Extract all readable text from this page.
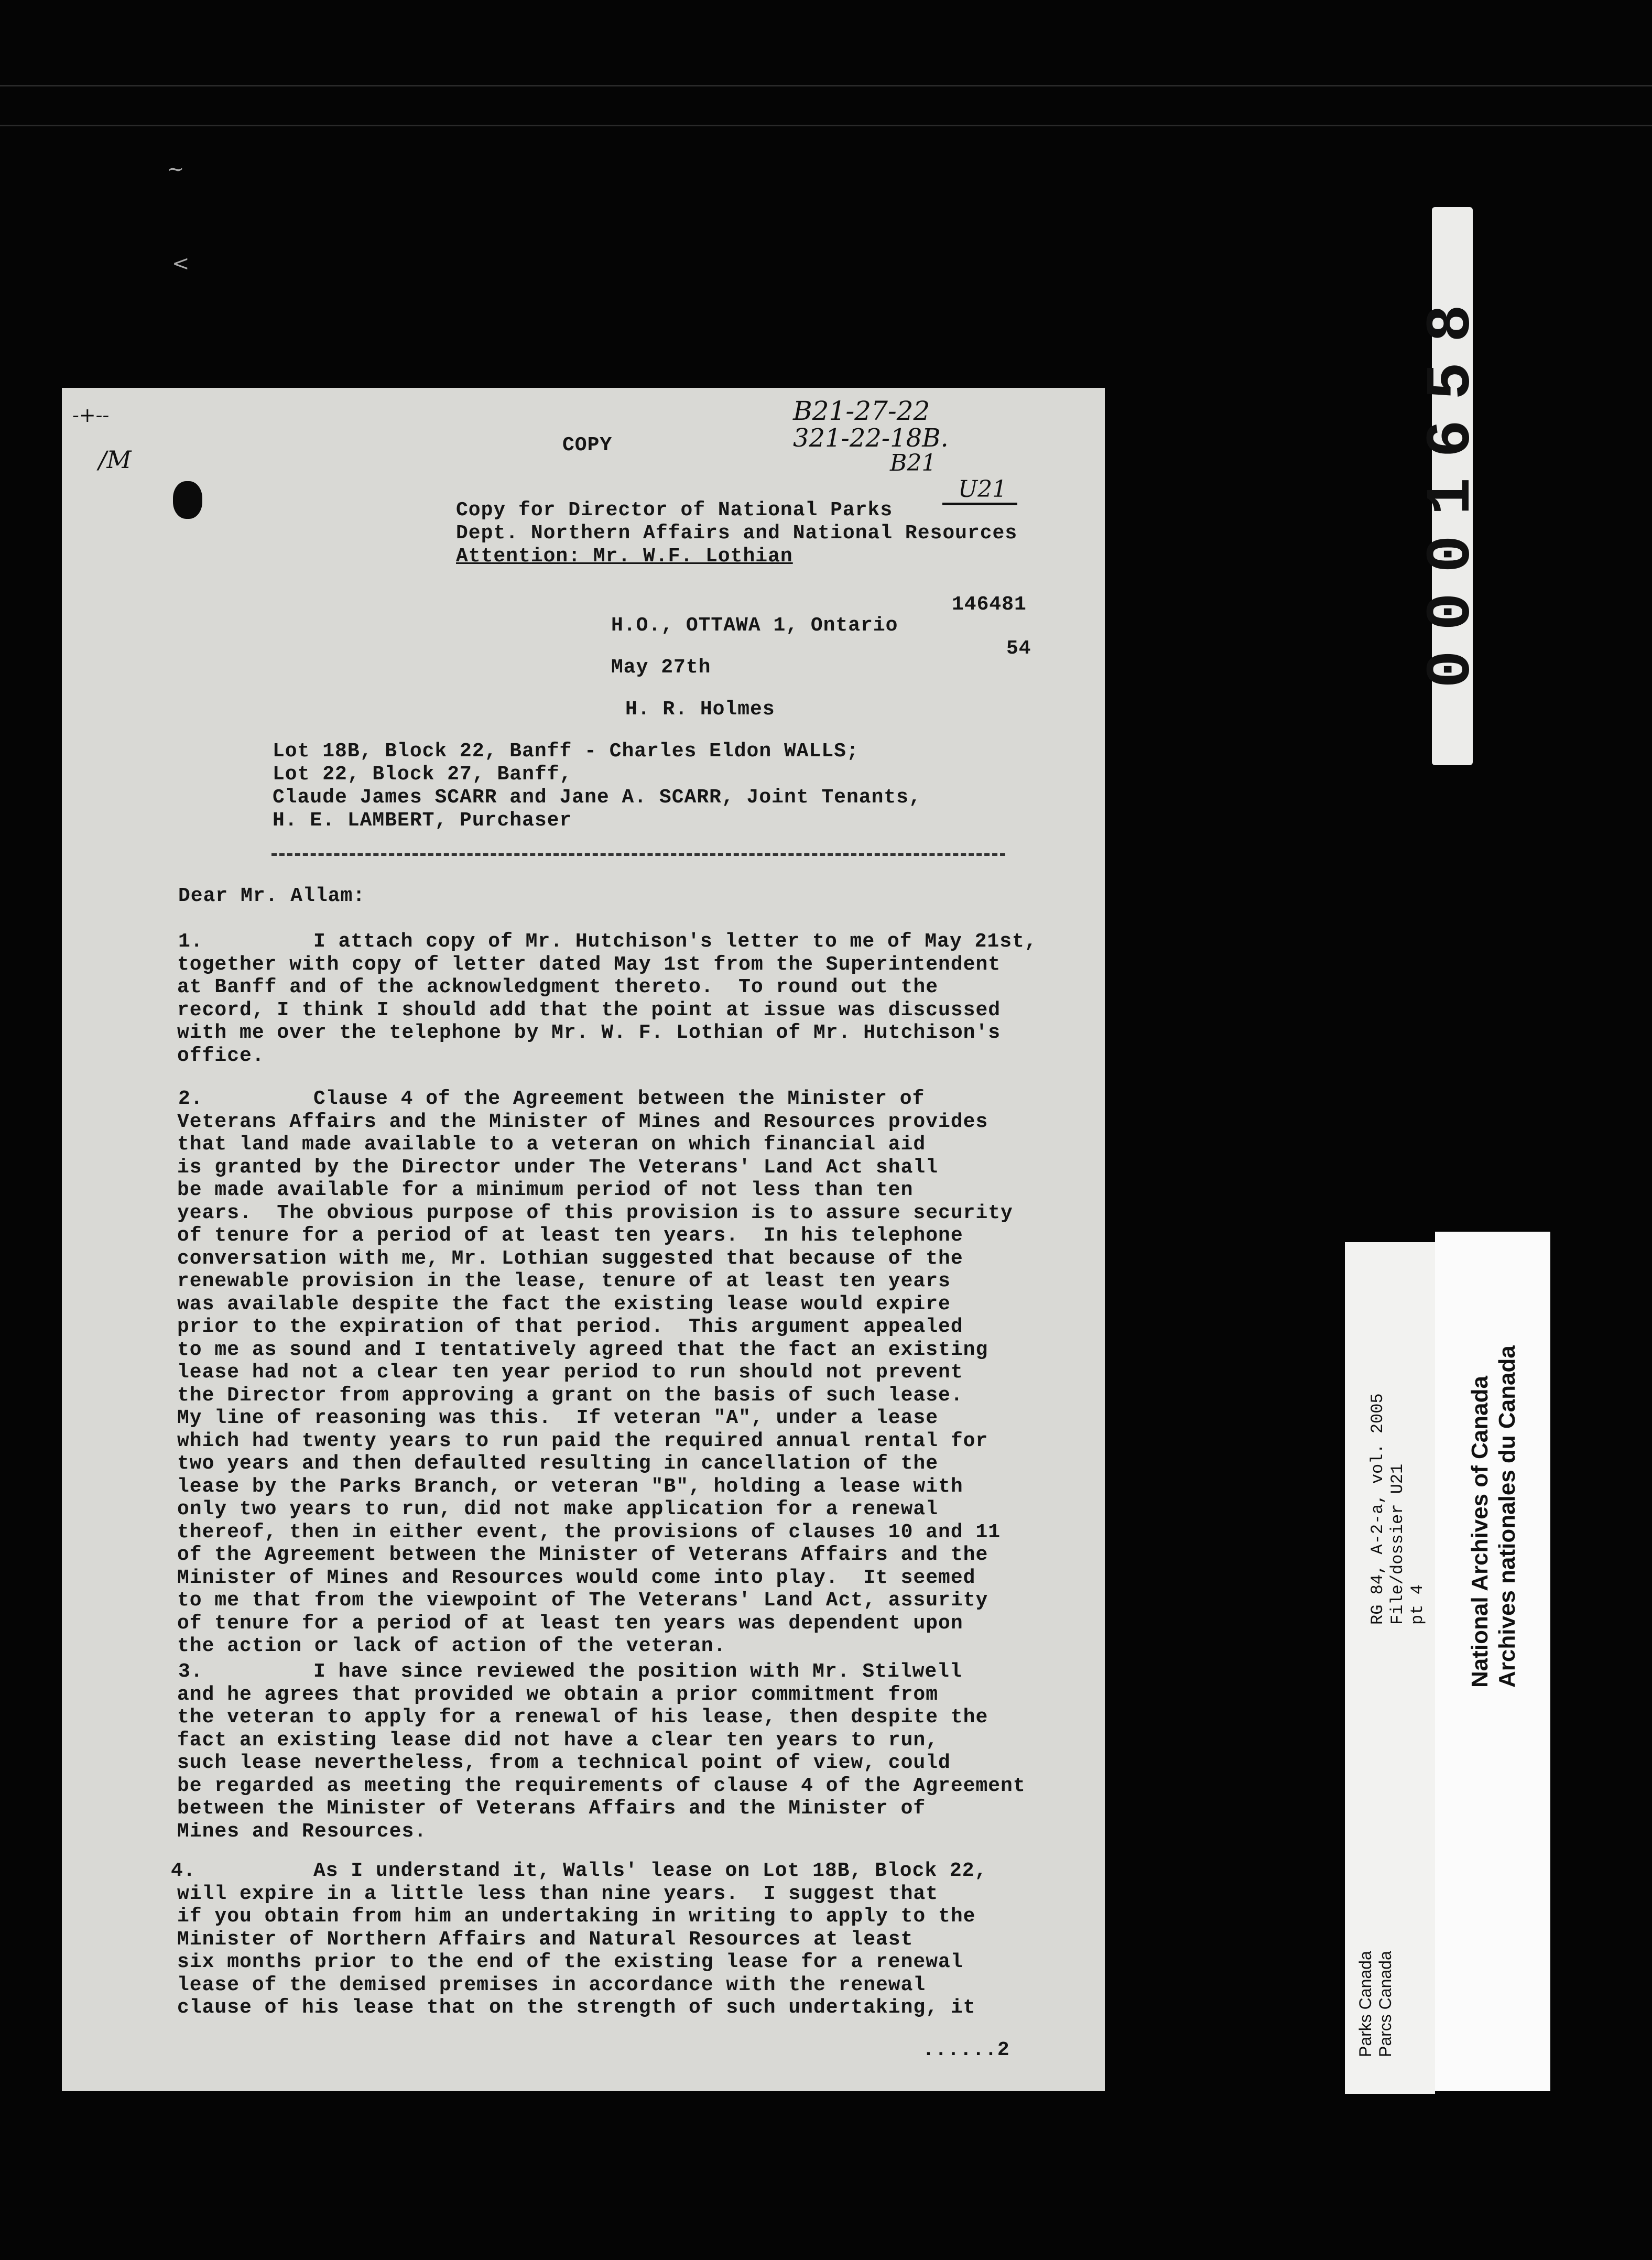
~
<
-+--
/M
COPY
B21-27-22
321-22-18B.
B21
U21
Copy for Director of National Parks
Dept. Northern Affairs and National Resources
Attention: Mr. W.F. Lothian
146481
H.O., OTTAWA 1, Ontario
54
May 27th
H. R. Holmes
Lot 18B, Block 22, Banff - Charles Eldon WALLS;
Lot 22, Block 27, Banff,
Claude James SCARR and Jane A. SCARR, Joint Tenants,
H. E. LAMBERT, Purchaser
Dear Mr. Allam:
1.	I attach copy of Mr. Hutchison's letter to me of May 21st,
together with copy of letter dated May 1st from the Superintendent
at Banff and of the acknowledgment thereto.  To round out the
record, I think I should add that the point at issue was discussed
with me over the telephone by Mr. W. F. Lothian of Mr. Hutchison's
office.
2.	Clause 4 of the Agreement between the Minister of
Veterans Affairs and the Minister of Mines and Resources provides
that land made available to a veteran on which financial aid
is granted by the Director under The Veterans' Land Act shall
be made available for a minimum period of not less than ten
years.  The obvious purpose of this provision is to assure security
of tenure for a period of at least ten years.  In his telephone
conversation with me, Mr. Lothian suggested that because of the
renewable provision in the lease, tenure of at least ten years
was available despite the fact the existing lease would expire
prior to the expiration of that period.  This argument appealed
to me as sound and I tentatively agreed that the fact an existing
lease had not a clear ten year period to run should not prevent
the Director from approving a grant on the basis of such lease.
My line of reasoning was this.  If veteran "A", under a lease
which had twenty years to run paid the required annual rental for
two years and then defaulted resulting in cancellation of the
lease by the Parks Branch, or veteran "B", holding a lease with
only two years to run, did not make application for a renewal
thereof, then in either event, the provisions of clauses 10 and 11
of the Agreement between the Minister of Veterans Affairs and the
Minister of Mines and Resources would come into play.  It seemed
to me that from the viewpoint of The Veterans' Land Act, assurity
of tenure for a period of at least ten years was dependent upon
the action or lack of action of the veteran.
3.	I have since reviewed the position with Mr. Stilwell
and he agrees that provided we obtain a prior commitment from
the veteran to apply for a renewal of his lease, then despite the
fact an existing lease did not have a clear ten years to run,
such lease nevertheless, from a technical point of view, could
be regarded as meeting the requirements of clause 4 of the Agreement
between the Minister of Veterans Affairs and the Minister of
Mines and Resources.
4.	As I understand it, Walls' lease on Lot 18B, Block 22,
will expire in a little less than nine years.  I suggest that
if you obtain from him an undertaking in writing to apply to the
Minister of Northern Affairs and Natural Resources at least
six months prior to the end of the existing lease for a renewal
lease of the demised premises in accordance with the renewal
clause of his lease that on the strength of such undertaking, it
......2
0001658
Parks Canada Parcs Canada
RG 84, A-2-a, vol. 2005 File/dossier U21 pt 4 National Archives of Canada Archives nationales du Canada
